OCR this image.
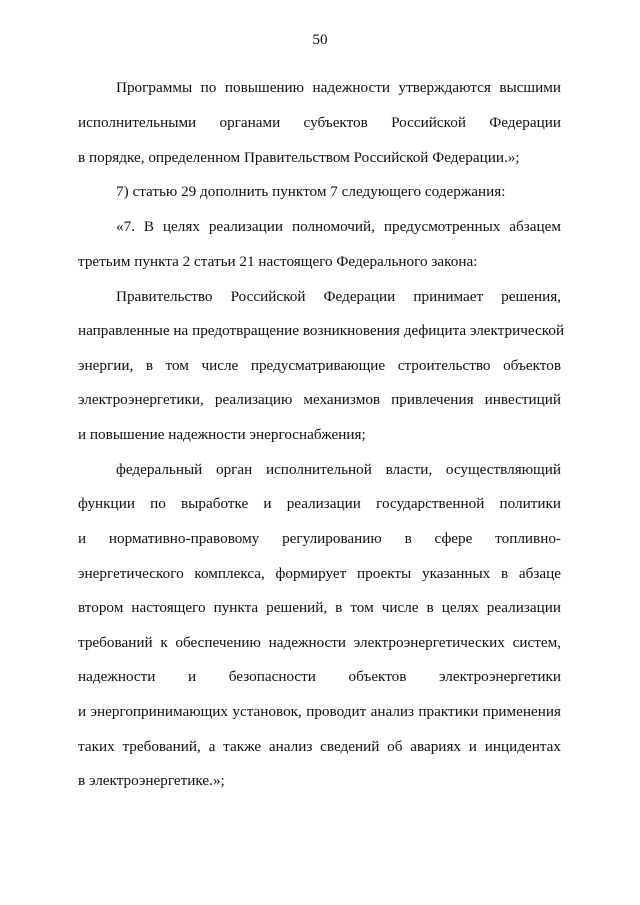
50
Программы по повышению надежности утверждаются высшими
исполнительными органами субъектов Российской Федерации
в порядке, определенном Правительством Российской Федерации.»;
7) статью 29 дополнить пунктом 7 следующего содержания:
«7. В целях реализации полномочий, предусмотренных абзацем
третьим пункта 2 статьи 21 настоящего Федерального закона:
Правительство Российской Федерации принимает решения,
направленные на предотвращение возникновения дефицита электрической
энергии, в том числе предусматривающие строительство объектов
электроэнергетики, реализацию механизмов привлечения инвестиций
и повышение надежности энергоснабжения;
федеральный орган исполнительной власти, осуществляющий
функции по выработке и реализации государственной политики
и нормативно-правовому регулированию в сфере топливно-
энергетического комплекса, формирует проекты указанных в абзаце
втором настоящего пункта решений, в том числе в целях реализации
требований к обеспечению надежности электроэнергетических систем,
надежности и безопасности объектов электроэнергетики
и энергопринимающих установок, проводит анализ практики применения
таких требований, а также анализ сведений об авариях и инцидентах
в электроэнергетике.»;
